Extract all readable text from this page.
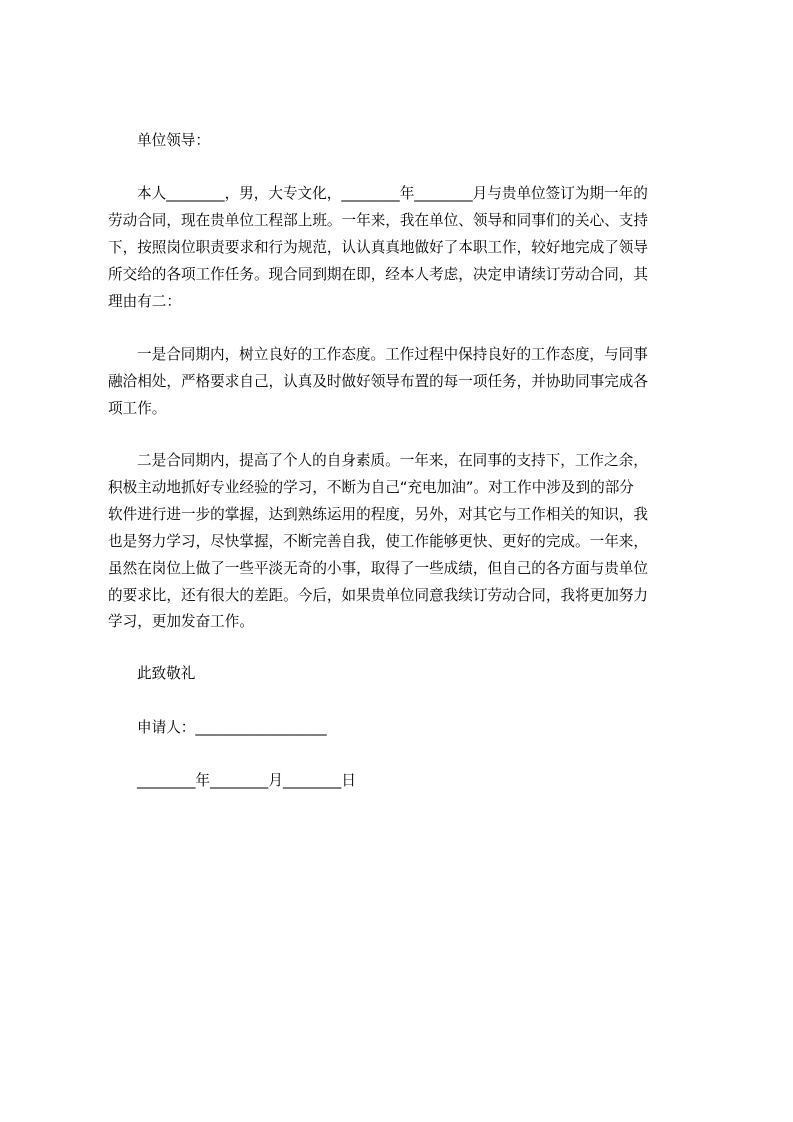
单位领导：
本人________，男，大专文化，________年________月与贵单位签订为期一年的
劳动合同，现在贵单位工程部上班。一年来，我在单位、领导和同事们的关心、支持
下，按照岗位职责要求和行为规范，认认真真地做好了本职工作，较好地完成了领导
所交给的各项工作任务。现合同到期在即，经本人考虑，决定申请续订劳动合同，其
理由有二：
一是合同期内，树立良好的工作态度。工作过程中保持良好的工作态度，与同事
融洽相处，严格要求自己，认真及时做好领导布置的每一项任务，并协助同事完成各
项工作。
二是合同期内，提高了个人的自身素质。一年来，在同事的支持下，工作之余，
积极主动地抓好专业经验的学习，不断为自己“充电加油”。对工作中涉及到的部分
软件进行进一步的掌握，达到熟练运用的程度，另外，对其它与工作相关的知识，我
也是努力学习，尽快掌握，不断完善自我，使工作能够更快、更好的完成。一年来，
虽然在岗位上做了一些平淡无奇的小事，取得了一些成绩，但自己的各方面与贵单位
的要求比，还有很大的差距。今后，如果贵单位同意我续订劳动合同，我将更加努力
学习，更加发奋工作。
此致敬礼
申请人：__________________
________年________月________日
